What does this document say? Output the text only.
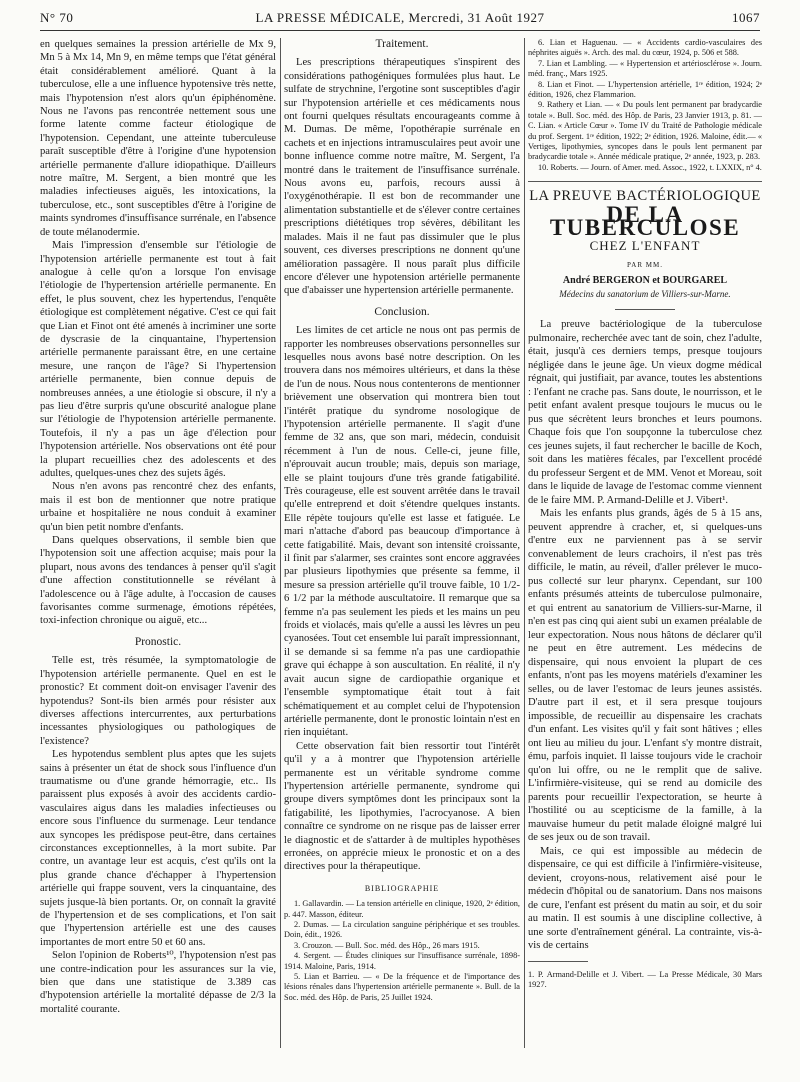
N° 70	LA PRESSE MÉDICALE, Mercredi, 31 Août 1927	1067

en quelques semaines la pression artérielle de Mx 9, Mn 5 à Mx 14, Mn 9, en même temps que l'état général était considérablement amélioré. Quant à la tuberculose, elle a une influence hypotensive très nette, mais l'hypotension n'est alors qu'un épiphénomène. Nous ne l'avons pas rencontrée nettement sous une forme latente comme facteur étiologique de l'hypotension. Cependant, une atteinte tuberculeuse paraît susceptible d'être à l'origine d'une hypotension artérielle permanente d'allure idiopathique. D'ailleurs notre maître, M. Sergent, a bien montré que les maladies infectieuses aiguës, les intoxications, la tuberculose, etc., sont susceptibles d'être à l'origine de maints syndromes d'insuffisance surrénale, en l'absence de toute mélanodermie.

Mais l'impression d'ensemble sur l'étiologie de l'hypotension artérielle permanente est tout à fait analogue à celle qu'on a lorsque l'on envisage l'étiologie de l'hypertension artérielle permanente. En effet, le plus souvent, chez les hypertendus, l'enquête étiologique est complètement négative. C'est ce qui fait que Lian et Finot ont été amenés à incriminer une sorte de dyscrasie de la cinquantaine, l'hypertension artérielle permanente paraissant être, en une certaine mesure, une rançon de l'âge? Si l'hypertension artérielle permanente, bien connue depuis de nombreuses années, a une étiologie si obscure, il n'y a pas lieu d'être surpris qu'une obscurité analogue plane sur l'étiologie de l'hypotension artérielle permanente. Toutefois, il n'y a pas un âge d'élection pour l'hypotension artérielle. Nos observations ont été pour la plupart recueillies chez des adolescents et des adultes, quelques-unes chez des sujets âgés.

Nous n'en avons pas rencontré chez des enfants, mais il est bon de mentionner que notre pratique urbaine et hospitalière ne nous conduit à examiner qu'un bien petit nombre d'enfants.

Dans quelques observations, il semble bien que l'hypotension soit une affection acquise; mais pour la plupart, nous avons des tendances à penser qu'il s'agit d'une affection constitutionnelle se révélant à l'adolescence ou à l'âge adulte, à l'occasion de causes favorisantes comme surmenage, émotions répétées, toxi-infection chronique ou aiguë, etc...

Pronostic.

Telle est, très résumée, la symptomatologie de l'hypotension artérielle permanente. Quel en est le pronostic? Et comment doit-on envisager l'avenir des hypotendus? Sont-ils bien armés pour résister aux diverses affections intercurrentes, aux perturbations incessantes physiologiques ou pathologiques de l'existence?

Les hypotendus semblent plus aptes que les sujets sains à présenter un état de shock sous l'influence d'un traumatisme ou d'une grande hémorragie, etc.. Ils paraissent plus exposés à avoir des accidents cardio-vasculaires aigus dans les maladies infectieuses ou encore sous l'influence du surmenage. Leur tendance aux syncopes les prédispose peut-être, dans certaines circonstances exceptionnelles, à la mort subite. Par contre, un avantage leur est acquis, c'est qu'ils ont la plus grande chance d'échapper à l'hypertension artérielle qui frappe souvent, vers la cinquantaine, des sujets jusque-là bien portants. Or, on connaît la gravité de l'hypertension et de ses complications, et l'on sait que l'hypertension artérielle est une des causes importantes de mort entre 50 et 60 ans.

Selon l'opinion de Roberts¹⁰, l'hypotension n'est pas une contre-indication pour les assurances sur la vie, bien que dans une statistique de 3.389 cas d'hypotension artérielle la mortalité dépasse de 2/3 la mortalité courante.

Traitement.

Les prescriptions thérapeutiques s'inspirent des considérations pathogéniques formulées plus haut. Le sulfate de strychnine, l'ergotine sont susceptibles d'agir sur l'hypotension artérielle et ces médicaments nous ont fourni quelques résultats encourageants comme à M. Dumas. De même, l'opothérapie surrénale en cachets et en injections intramusculaires peut avoir une bonne influence comme notre maître, M. Sergent, l'a montré dans le traitement de l'insuffisance surrénale. Nous avons eu, parfois, recours aussi à l'oxygénothérapie. Il est bon de recommander une alimentation substantielle et de s'élever contre certaines prescriptions diététiques trop sévères, débilitant les malades. Mais il ne faut pas dissimuler que le plus souvent, ces diverses prescriptions ne donnent qu'une amélioration passagère. Il nous paraît plus difficile encore d'élever une hypotension artérielle permanente que d'abaisser une hypertension artérielle permanente.

Conclusion.

Les limites de cet article ne nous ont pas permis de rapporter les nombreuses observations personnelles sur lesquelles nous avons basé notre description. On les trouvera dans nos mémoires ultérieurs, et dans la thèse de l'un de nous. Nous nous contenterons de mentionner brièvement une observation qui montrera bien tout l'intérêt pratique du syndrome nosologique de l'hypotension artérielle permanente. Il s'agit d'une femme de 32 ans, que son mari, médecin, conduisit récemment à l'un de nous. Celle-ci, jeune fille, n'éprouvait aucun trouble; mais, depuis son mariage, elle se plaint toujours d'une très grande fatigabilité. Très courageuse, elle est souvent arrêtée dans le travail qu'elle entreprend et doit s'étendre quelques instants. Elle répète toujours qu'elle est lasse et fatiguée. Le mari n'attache d'abord pas beaucoup d'importance à cette fatigabilité. Mais, devant son intensité croissante, il finit par s'alarmer, ses craintes sont encore aggravées par plusieurs lipothymies que présente sa femme, il mesure sa pression artérielle qu'il trouve faible, 10 1/2-6 1/2 par la méthode auscultatoire. Il remarque que sa femme n'a pas seulement les pieds et les mains un peu froids et violacés, mais qu'elle a aussi les lèvres un peu cyanosées. Tout cet ensemble lui paraît impressionnant, il se demande si sa femme n'a pas une cardiopathie grave qui échappe à son auscultation. En réalité, il n'y avait aucun signe de cardiopathie organique et l'ensemble symptomatique était tout à fait schématiquement et au complet celui de l'hypotension artérielle permanente, dont le pronostic lointain n'est en rien inquiétant.

Cette observation fait bien ressortir tout l'intérêt qu'il y a à montrer que l'hypotension artérielle permanente est un véritable syndrome comme l'hypertension artérielle permanente, syndrome qui groupe divers symptômes dont les principaux sont la fatigabilité, les lipothymies, l'acrocyanose. A bien connaître ce syndrome on ne risque pas de laisser errer le diagnostic et de s'attarder à de multiples hypothèses erronées, on apprécie mieux le pronostic et on a des directives pour la thérapeutique.

BIBLIOGRAPHIE

1. Gallavardin. — La tension artérielle en clinique, 1920, 2ᵉ édition, p. 447. Masson, éditeur.

2. Dumas. — La circulation sanguine périphérique et ses troubles. Doin, édit., 1926.

3. Crouzon. — Bull. Soc. méd. des Hôp., 26 mars 1915.

4. Sergent. — Études cliniques sur l'insuffisance surrénale, 1898-1914. Maloine, Paris, 1914.

5. Lian et Barrieu. — « De la fréquence et de l'importance des lésions rénales dans l'hypertension artérielle permanente ». Bull. de la Soc. méd. des Hôp. de Paris, 25 Juillet 1924.

6. Lian et Haguenau. — « Accidents cardio-vasculaires des néphrites aiguës ». Arch. des mal. du cœur, 1924, p. 506 et 588.

7. Lian et Lambling. — « Hypertension et artériosclérose ». Journ. méd. franç., Mars 1925.

8. Lian et Finot. — L'hypertension artérielle, 1ʳᵉ édition, 1924; 2ᵉ édition, 1926, chez Flammarion.

9. Rathery et Lian. — « Du pouls lent permanent par bradycardie totale ». Bull. Soc. méd. des Hôp. de Paris, 23 Janvier 1913, p. 81. — C. Lian. « Article Cœur ». Tome IV du Traité de Pathologie médicale du prof. Sergent. 1ʳᵉ édition, 1922; 2ᵉ édition, 1926. Maloine, édit.— « Vertiges, lipothymies, syncopes dans le pouls lent permanent par bradycardie totale ». Année médicale pratique, 2ᵉ année, 1923, p. 283.

10. Roberts. — Journ. of Amer. med. Assoc., 1922, t. LXXIX, n° 4.

LA PREUVE BACTÉRIOLOGIQUE
DE LA TUBERCULOSE
CHEZ L'ENFANT
PAR MM.
André BERGERON et BOURGAREL
Médecins du sanatorium de Villiers-sur-Marne.

La preuve bactériologique de la tuberculose pulmonaire, recherchée avec tant de soin, chez l'adulte, était, jusqu'à ces derniers temps, presque toujours négligée dans le jeune âge. Un vieux dogme médical régnait, qui justifiait, par avance, toutes les abstentions : l'enfant ne crache pas. Sans doute, le nourrisson, et le petit enfant avalent presque toujours le mucus ou le pus que sécrètent leurs bronches et leurs poumons. Chaque fois que l'on soupçonne la tuberculose chez ces jeunes sujets, il faut rechercher le bacille de Koch, soit dans les matières fécales, par l'excellent procédé du professeur Sergent et de MM. Venot et Moreau, soit dans le liquide de lavage de l'estomac comme viennent de le faire MM. P. Armand-Delille et J. Vibert¹.

Mais les enfants plus grands, âgés de 5 à 15 ans, peuvent apprendre à cracher, et, si quelques-uns d'entre eux ne parviennent pas à se servir convenablement de leurs crachoirs, il n'est pas très difficile, le matin, au réveil, d'aller prélever le muco-pus collecté sur leur pharynx. Cependant, sur 100 enfants présumés atteints de tuberculose pulmonaire, et qui entrent au sanatorium de Villiers-sur-Marne, il n'en est pas cinq qui aient subi un examen préalable de leur expectoration. Nous nous hâtons de déclarer qu'il ne peut en être autrement. Les médecins de dispensaire, qui nous envoient la plupart de ces enfants, n'ont pas les moyens matériels d'examiner les selles, ou de laver l'estomac de leurs jeunes assistés. D'autre part il est, et il sera presque toujours impossible, de recueillir au dispensaire les crachats d'un enfant. Les visites qu'il y fait sont hâtives ; elles ont lieu au milieu du jour. L'enfant s'y montre distrait, ému, parfois inquiet. Il laisse toujours vide le crachoir qu'on lui offre, ou ne le remplit que de salive. L'infirmière-visiteuse, qui se rend au domicile des parents pour recueillir l'expectoration, se heurte à l'hostilité ou au scepticisme de la famille, à la mauvaise humeur du petit malade éloigné malgré lui de ses jeux ou de son travail.

Mais, ce qui est impossible au médecin de dispensaire, ce qui est difficile à l'infirmière-visiteuse, devient, croyons-nous, relativement aisé pour le médecin d'hôpital ou de sanatorium. Dans nos maisons de cure, l'enfant est présent du matin au soir, et du soir au matin. Il est soumis à une discipline collective, à une sorte d'entraînement général. La contrainte, vis-à-vis de certains

1. P. Armand-Delille et J. Vibert. — La Presse Médicale, 30 Mars 1927.
